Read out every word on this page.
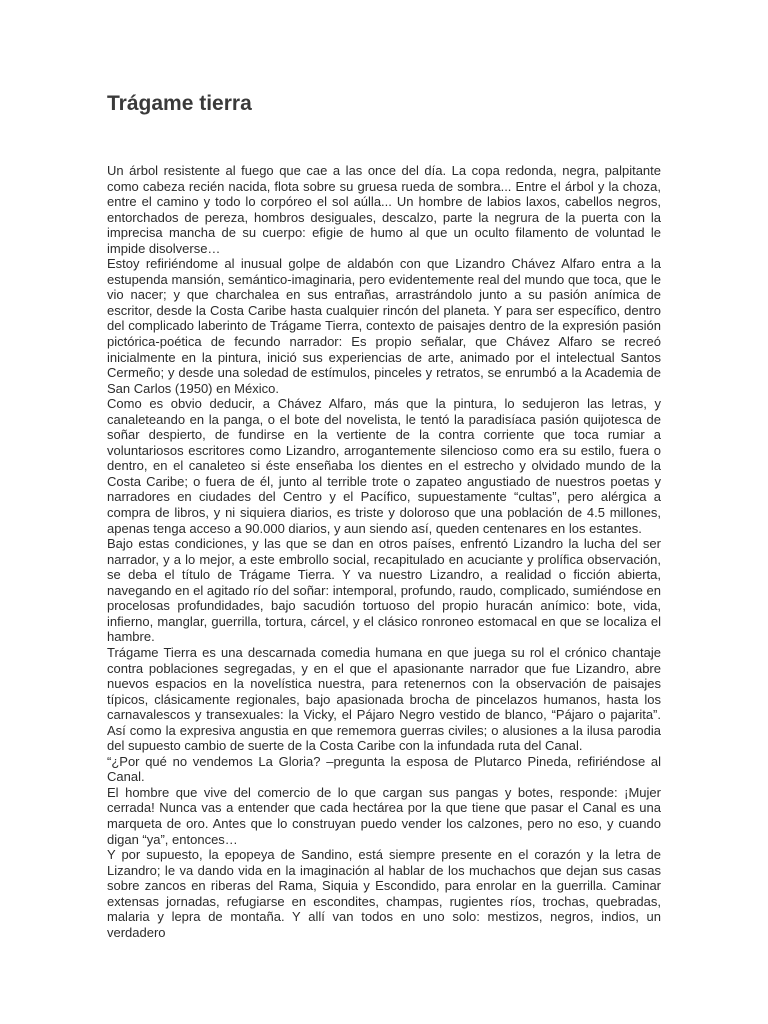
Trágame tierra

Un árbol resistente al fuego que cae a las once del día. La copa redonda, negra, palpitante como cabeza recién nacida, flota sobre su gruesa rueda de sombra... Entre el árbol y la choza, entre el camino y todo lo corpóreo el sol aúlla... Un hombre de labios laxos, cabellos negros, entorchados de pereza, hombros desiguales, descalzo, parte la negrura de la puerta con la imprecisa mancha de su cuerpo: efigie de humo al que un oculto filamento de voluntad le impide disolverse…

Estoy refiriéndome al inusual golpe de aldabón con que Lizandro Chávez Alfaro entra a la estupenda mansión, semántico-imaginaria, pero evidentemente real del mundo que toca, que le vio nacer; y que charchalea en sus entrañas, arrastrándolo junto a su pasión anímica de escritor, desde la Costa Caribe hasta cualquier rincón del planeta. Y para ser específico, dentro del complicado laberinto de Trágame Tierra, contexto de paisajes dentro de la expresión pasión pictórica-poética de fecundo narrador: Es propio señalar, que Chávez Alfaro se recreó inicialmente en la pintura, inició sus experiencias de arte, animado por el intelectual Santos Cermeño; y desde una soledad de estímulos, pinceles y retratos, se enrumbó a la Academia de San Carlos (1950) en México.

Como es obvio deducir, a Chávez Alfaro, más que la pintura, lo sedujeron las letras, y canaleteando en la panga, o el bote del novelista, le tentó la paradisíaca pasión quijotesca de soñar despierto, de fundirse en la vertiente de la contra corriente que toca rumiar a voluntariosos escritores como Lizandro, arrogantemente silencioso como era su estilo, fuera o dentro, en el canaleteo si éste enseñaba los dientes en el estrecho y olvidado mundo de la Costa Caribe; o fuera de él, junto al terrible trote o zapateo angustiado de nuestros poetas y narradores en ciudades del Centro y el Pacífico, supuestamente “cultas”, pero alérgica a compra de libros, y ni siquiera diarios, es triste y doloroso que una población de 4.5 millones, apenas tenga acceso a 90.000 diarios, y aun siendo así, queden centenares en los estantes.

Bajo estas condiciones, y las que se dan en otros países, enfrentó Lizandro la lucha del ser narrador, y a lo mejor, a este embrollo social, recapitulado en acuciante y prolífica observación, se deba el título de Trágame Tierra. Y va nuestro Lizandro, a realidad o ficción abierta, navegando en el agitado río del soñar: intemporal, profundo, raudo, complicado, sumiéndose en procelosas profundidades, bajo sacudión tortuoso del propio huracán anímico: bote, vida, infierno, manglar, guerrilla, tortura, cárcel, y el clásico ronroneo estomacal en que se localiza el hambre.

Trágame Tierra es una descarnada comedia humana en que juega su rol el crónico chantaje contra poblaciones segregadas, y en el que el apasionante narrador que fue Lizandro, abre nuevos espacios en la novelística nuestra, para retenernos con la observación de paisajes típicos, clásicamente regionales, bajo apasionada brocha de pincelazos humanos, hasta los carnavalescos y transexuales: la Vicky, el Pájaro Negro vestido de blanco, “Pájaro o pajarita”. Así como la expresiva angustia en que rememora guerras civiles; o alusiones a la ilusa parodia del supuesto cambio de suerte de la Costa Caribe con la infundada ruta del Canal.

“¿Por qué no vendemos La Gloria? –pregunta la esposa de Plutarco Pineda, refiriéndose al Canal.

El hombre que vive del comercio de lo que cargan sus pangas y botes, responde: ¡Mujer cerrada! Nunca vas a entender que cada hectárea por la que tiene que pasar el Canal es una marqueta de oro. Antes que lo construyan puedo vender los calzones, pero no eso, y cuando digan “ya”, entonces…

Y por supuesto, la epopeya de Sandino, está siempre presente en el corazón y la letra de Lizandro; le va dando vida en la imaginación al hablar de los muchachos que dejan sus casas sobre zancos en riberas del Rama, Siquia y Escondido, para enrolar en la guerrilla. Caminar extensas jornadas, refugiarse en escondites, champas, rugientes ríos, trochas, quebradas, malaria y lepra de montaña. Y allí van todos en uno solo: mestizos, negros, indios, un verdadero
